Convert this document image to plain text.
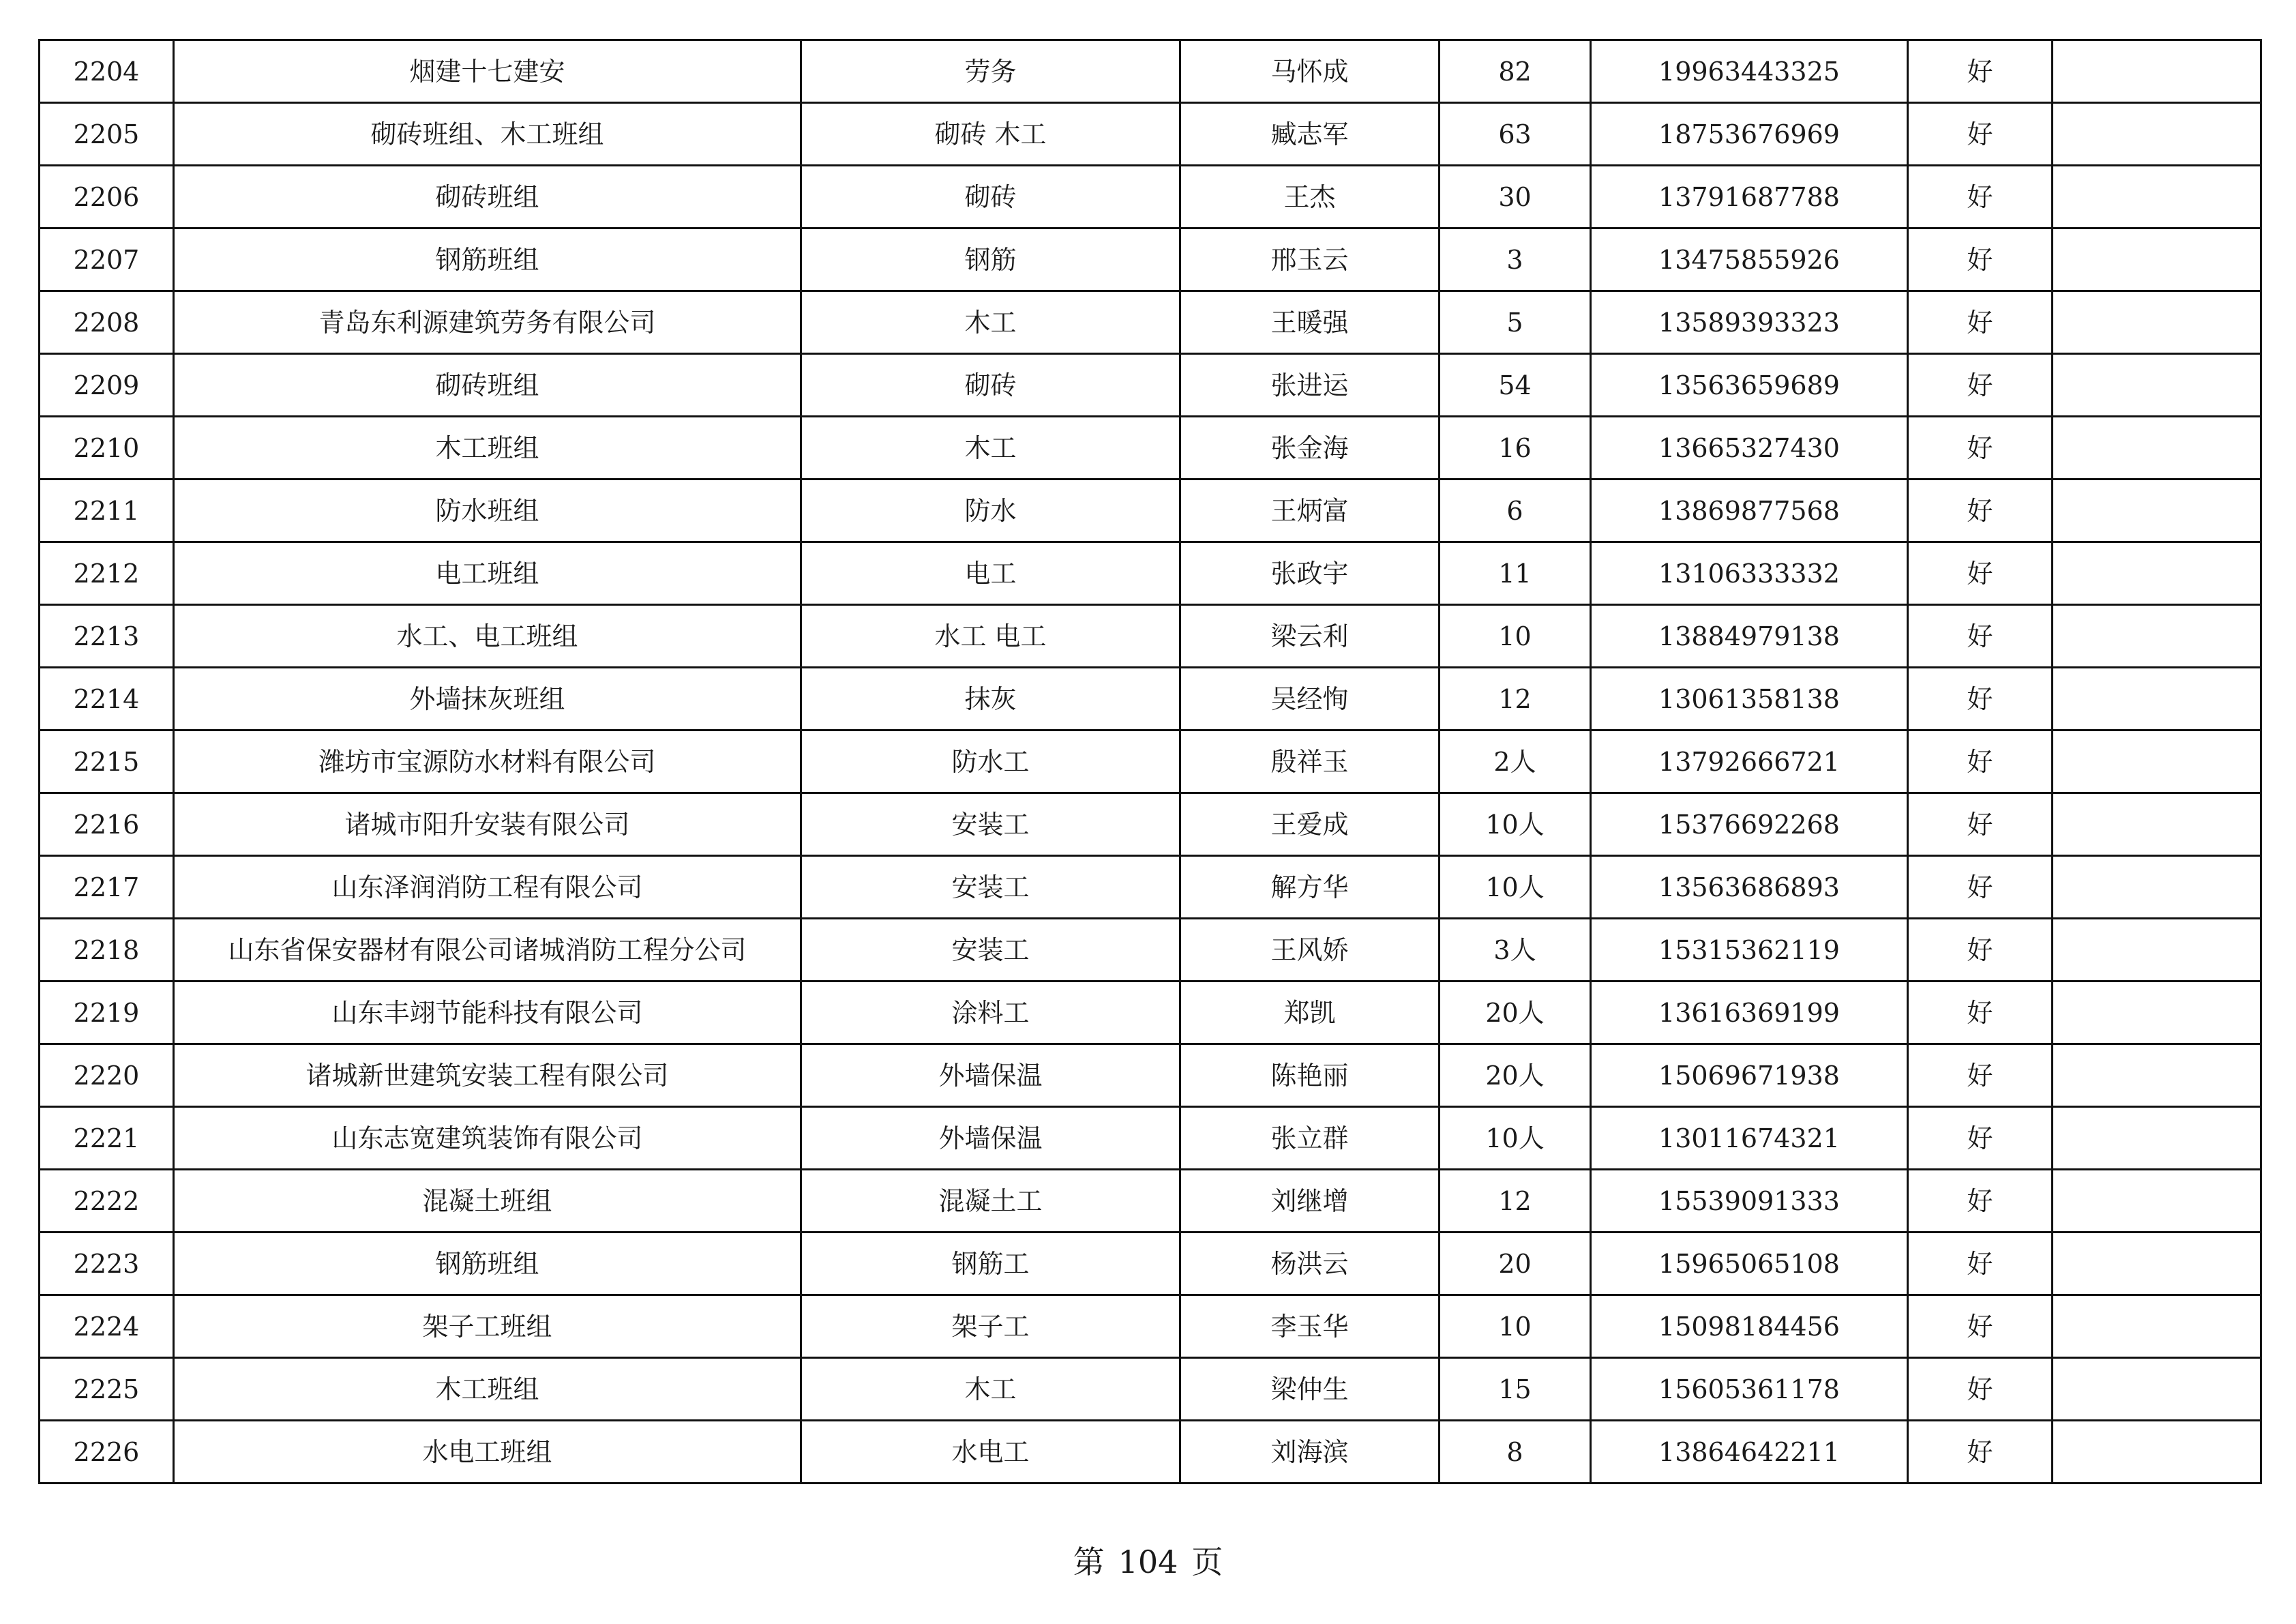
2204	烟建十七建安	劳务	马怀成	82	19963443325	好	
2205	砌砖班组、木工班组	砌砖 木工	臧志军	63	18753676969	好	
2206	砌砖班组	砌砖	王杰	30	13791687788	好	
2207	钢筋班组	钢筋	邢玉云	3	13475855926	好	
2208	青岛东利源建筑劳务有限公司	木工	王暖强	5	13589393323	好	
2209	砌砖班组	砌砖	张进运	54	13563659689	好	
2210	木工班组	木工	张金海	16	13665327430	好	
2211	防水班组	防水	王炳富	6	13869877568	好	
2212	电工班组	电工	张政宇	11	13106333332	好	
2213	水工、电工班组	水工 电工	梁云利	10	13884979138	好	
2214	外墙抹灰班组	抹灰	吴经恂	12	13061358138	好	
2215	潍坊市宝源防水材料有限公司	防水工	殷祥玉	2人	13792666721	好	
2216	诸城市阳升安装有限公司	安装工	王爱成	10人	15376692268	好	
2217	山东泽润消防工程有限公司	安装工	解方华	10人	13563686893	好	
2218	山东省保安器材有限公司诸城消防工程分公司	安装工	王风娇	3人	15315362119	好	
2219	山东丰翊节能科技有限公司	涂料工	郑凯	20人	13616369199	好	
2220	诸城新世建筑安装工程有限公司	外墙保温	陈艳丽	20人	15069671938	好	
2221	山东志宽建筑装饰有限公司	外墙保温	张立群	10人	13011674321	好	
2222	混凝土班组	混凝土工	刘继增	12	15539091333	好	
2223	钢筋班组	钢筋工	杨洪云	20	15965065108	好	
2224	架子工班组	架子工	李玉华	10	15098184456	好	
2225	木工班组	木工	梁仲生	15	15605361178	好	
2226	水电工班组	水电工	刘海滨	8	13864642211	好	
第 104 页
